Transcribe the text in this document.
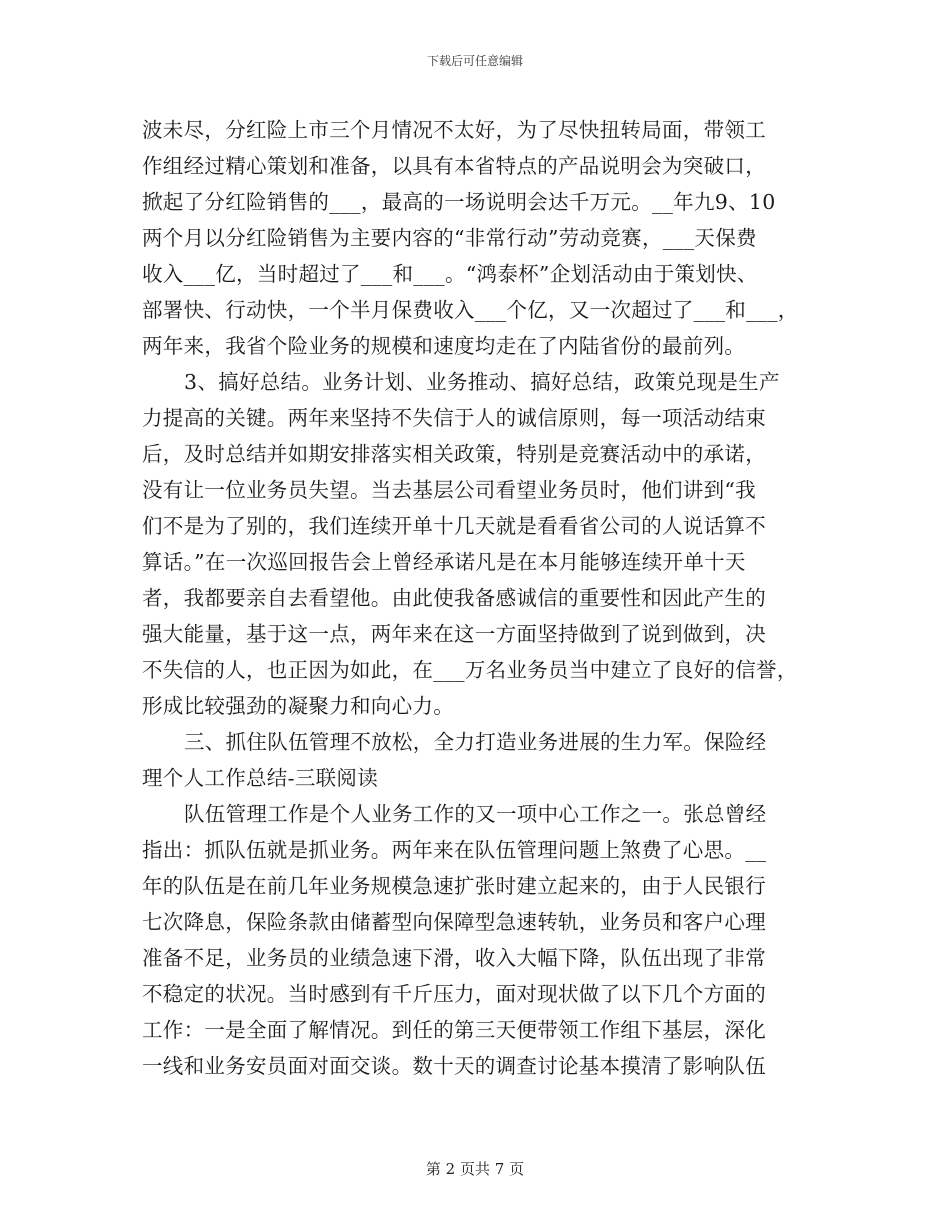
下载后可任意编辑
波未尽，分红险上市三个月情况不太好，为了尽快扭转局面，带领工
作组经过精心策划和准备，以具有本省特点的产品说明会为突破口，
掀起了分红险销售的___，最高的一场说明会达千万元。__年九9、10
两个月以分红险销售为主要内容的“非常行动”劳动竞赛，___天保费
收入___亿，当时超过了___和___。“鸿泰杯”企划活动由于策划快、
部署快、行动快，一个半月保费收入___个亿，又一次超过了___和___，
两年来，我省个险业务的规模和速度均走在了内陆省份的最前列。
3、搞好总结。业务计划、业务推动、搞好总结，政策兑现是生产
力提高的关键。两年来坚持不失信于人的诚信原则，每一项活动结束
后，及时总结并如期安排落实相关政策，特别是竞赛活动中的承诺，
没有让一位业务员失望。当去基层公司看望业务员时，他们讲到“我
们不是为了别的，我们连续开单十几天就是看看省公司的人说话算不
算话。”在一次巡回报告会上曾经承诺凡是在本月能够连续开单十天
者，我都要亲自去看望他。由此使我备感诚信的重要性和因此产生的
强大能量，基于这一点，两年来在这一方面坚持做到了说到做到，决
不失信的人，也正因为如此，在___万名业务员当中建立了良好的信誉，
形成比较强劲的凝聚力和向心力。
三、抓住队伍管理不放松，全力打造业务进展的生力军。保险经
理个人工作总结-三联阅读
队伍管理工作是个人业务工作的又一项中心工作之一。张总曾经
指出：抓队伍就是抓业务。两年来在队伍管理问题上煞费了心思。__
年的队伍是在前几年业务规模急速扩张时建立起来的，由于人民银行
七次降息，保险条款由储蓄型向保障型急速转轨，业务员和客户心理
准备不足，业务员的业绩急速下滑，收入大幅下降，队伍出现了非常
不稳定的状况。当时感到有千斤压力，面对现状做了以下几个方面的
工作：一是全面了解情况。到任的第三天便带领工作组下基层，深化
一线和业务安员面对面交谈。数十天的调查讨论基本摸清了影响队伍
第 2 页共 7 页
